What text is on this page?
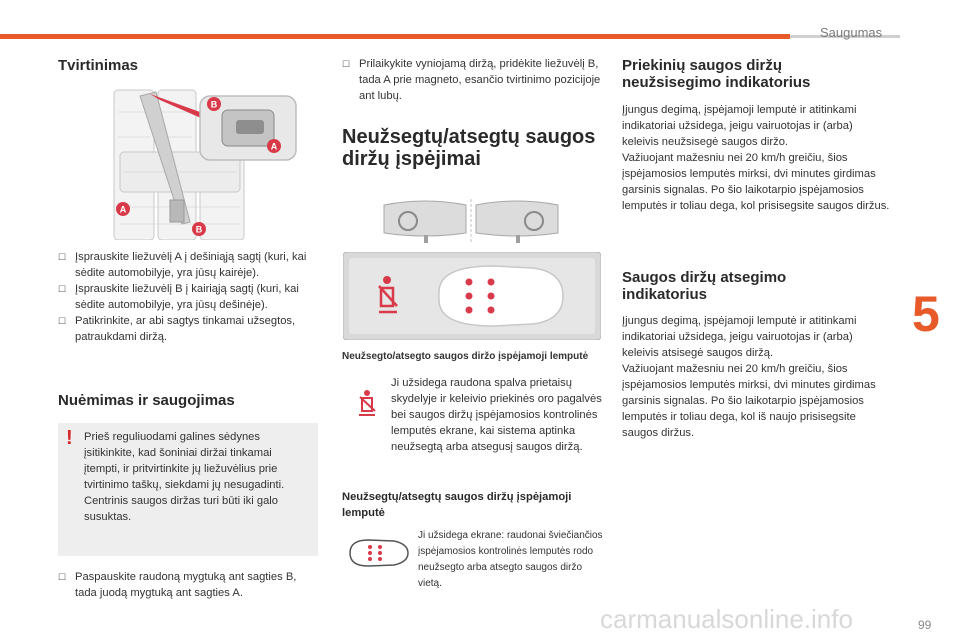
Saugumas
5
99
Tvirtinimas
B
A
A
B
☐ Įsprauskite liežuvėlį A į dešiniąją sagtį (kuri, kai sėdite automobilyje, yra jūsų kairėje).
☐ Įsprauskite liežuvėlį B į kairiąją sagtį (kuri, kai sėdite automobilyje, yra jūsų dešinėje).
☐ Patikrinkite, ar abi sagtys tinkamai užsegtos, patraukdami diržą.
Nuėmimas ir saugojimas
! Prieš reguliuodami galines sėdynes įsitikinkite, kad šoniniai diržai tinkamai įtempti, ir pritvirtinkite jų liežuvėlius prie tvirtinimo taškų, siekdami jų nesugadinti. Centrinis saugos diržas turi būti iki galo susuktas.

☐ Paspauskite raudoną mygtuką ant sagties B, tada juodą mygtuką ant sagties A.
☐ Prilaikykite vyniojamą diržą, pridėkite liežuvėlį B, tada A prie magneto, esančio tvirtinimo pozicijoje ant lubų.
Neužsegtų/atsegtų saugos
diržų įspėjimai
Neužsegto/atsegto saugos diržo įspėjamoji lemputė

Ji užsidega raudona spalva prietaisų skydelyje ir keleivio priekinės oro pagalvės bei saugos diržų įspėjamosios kontrolinės lemputės ekrane, kai sistema aptinka neužsegtą arba atsegusį saugos diržą.

Neužsegtų/atsegtų saugos diržų įspėjamoji lemputė
Ji užsidega ekrane: raudonai šviečiančios įspėjamosios kontrolinės lemputės rodo neužsegto arba atsegto saugos diržo vietą.
Priekinių saugos diržų
neužsisegimo indikatorius

Įjungus degimą, įspėjamoji lemputė ir atitinkami indikatoriai užsidega, jeigu vairuotojas ir (arba) keleivis neužsisegė saugos diržo.
Važiuojant mažesniu nei 20 km/h greičiu, šios įspėjamosios lemputės mirksi, dvi minutes girdimas garsinis signalas. Po šio laikotarpio įspėjamosios lemputės ir toliau dega, kol prisisegsite saugos diržus.

Saugos diržų atsegimo
indikatorius

Įjungus degimą, įspėjamoji lemputė ir atitinkami indikatoriai užsidega, jeigu vairuotojas ir (arba) keleivis atsisegė saugos diržą.
Važiuojant mažesniu nei 20 km/h greičiu, šios įspėjamosios lemputės mirksi, dvi minutes girdimas garsinis signalas. Po šio laikotarpio įspėjamosios lemputės ir toliau dega, kol iš naujo prisisegsite saugos diržus.

carmanualsonline.info
